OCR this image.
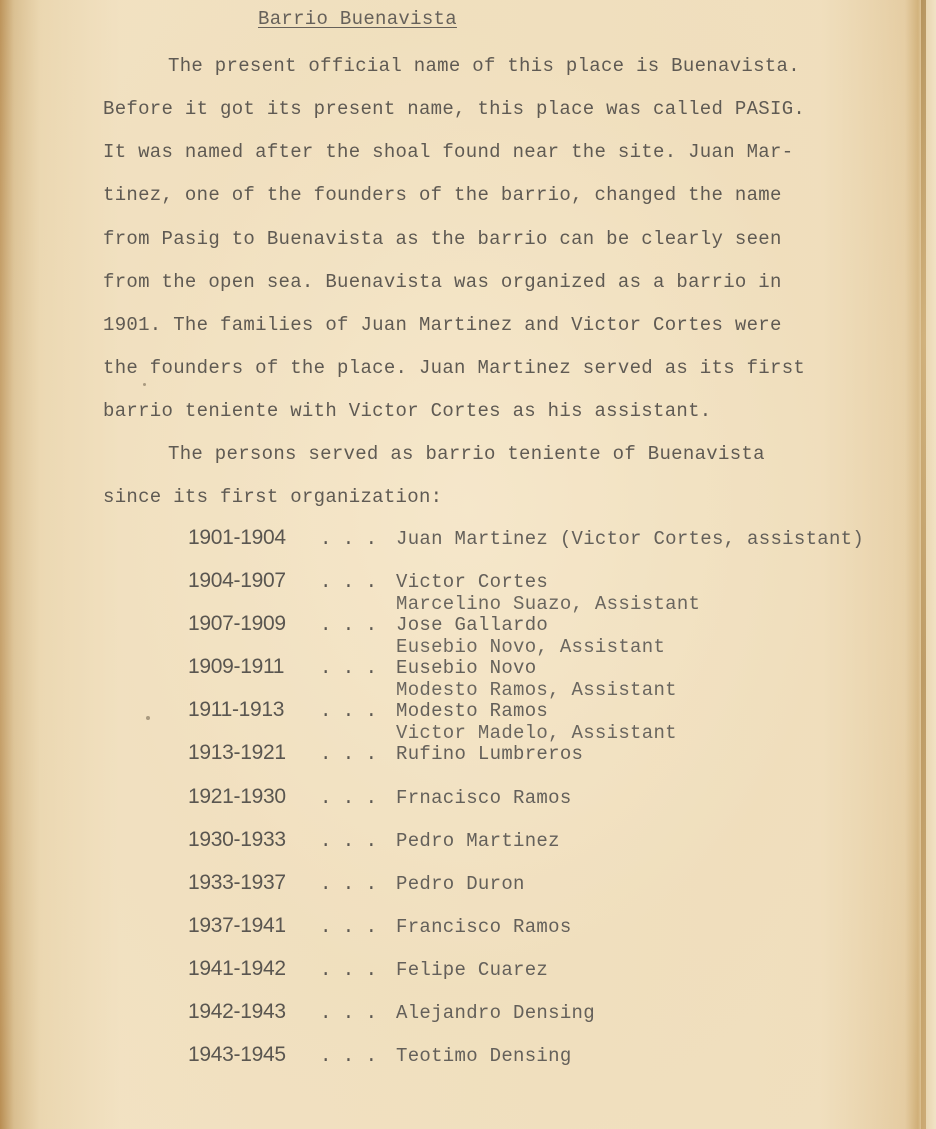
Barrio Buenavista
The present official name of this place is Buenavista.
Before it got its present name, this place was called PASIG.
It was named after the shoal found near the site. Juan Mar-
tinez, one of the founders of the barrio, changed the name
from Pasig to Buenavista as the barrio can be clearly seen
from the open sea. Buenavista was organized as a barrio in
1901. The families of Juan Martinez and Victor Cortes were
the founders of the place. Juan Martinez served as its first
barrio teniente with Victor Cortes as his assistant.
The persons served as barrio teniente of Buenavista
since its first organization:
1901-1904 . . . Juan Martinez (Victor Cortes, assistant)
1904-1907 . . . Victor Cortes
Marcelino Suazo, Assistant
1907-1909 . . . Jose Gallardo
Eusebio Novo, Assistant
1909-1911 . . . Eusebio Novo
Modesto Ramos, Assistant
1911-1913 . . . Modesto Ramos
Victor Madelo, Assistant
1913-1921 . . . Rufino Lumbreros
1921-1930 . . . Frnacisco Ramos
1930-1933 . . . Pedro Martinez
1933-1937 . . . Pedro Duron
1937-1941 . . . Francisco Ramos
1941-1942 . . . Felipe Cuarez
1942-1943 . . . Alejandro Densing
1943-1945 . . . Teotimo Densing
